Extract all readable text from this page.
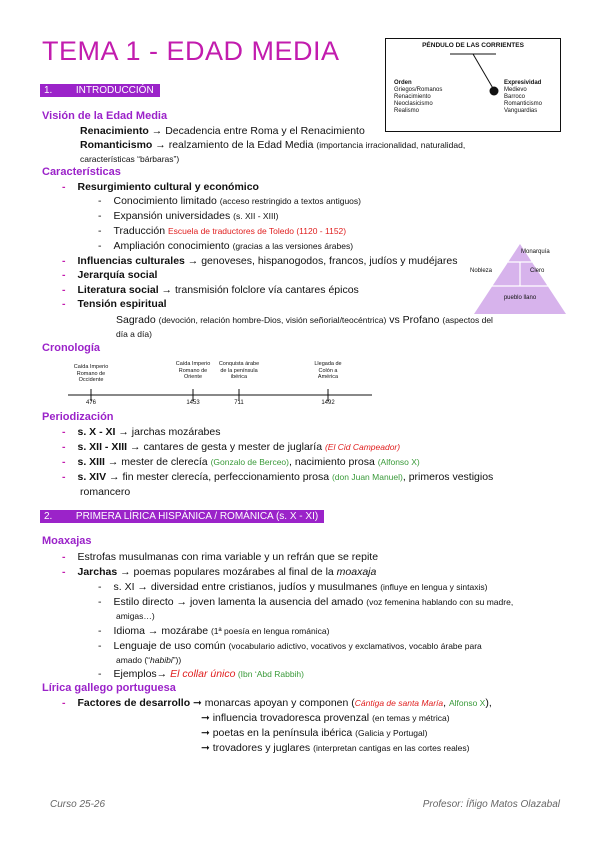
TEMA 1 - EDAD MEDIA	PÉNDULO DE LAS CORRIENTES
Orden
Griegos/Romanos
Renacimiento
Neoclasicismo
Realismo
Expresividad
Medievo
Barroco
Romanticismo
Vanguardias
1. INTRODUCCIÓN
Visión de la Edad Media
Renacimiento → Decadencia entre Roma y el Renacimiento
Romanticismo → realzamiento de la Edad Media (importancia irracionalidad, naturalidad,
características “bárbaras”)
Características
- Resurgimiento cultural y económico
- Conocimiento limitado (acceso restringido a textos antiguos)
- Expansión universidades (s. XII - XIII)
- Traducción Escuela de traductores de Toledo (1120 - 1152)
- Ampliación conocimiento (gracias a las versiones árabes)
- Influencias culturales → genoveses, hispanogodos, francos, judíos y mudéjares
- Jerarquía social
- Literatura social → transmisión folclore vía cantares épicos
- Tensión espiritual
Sagrado (devoción, relación hombre-Dios, visión señorial/teocéntrica) vs Profano (aspectos del
día a día)
Monarquía
Nobleza	Clero
pueblo llano
Cronología
Caída Imperio
Romano de
Occidente
Caída Imperio
Romano de
Oriente
Conquista árabe
de la península
ibérica
Llegada de
Colón a
América
476	1453	711	1492
Periodización
- s. X - XI → jarchas mozárabes
- s. XII - XIII → cantares de gesta y mester de juglaría (El Cid Campeador)
- s. XIII → mester de clerecía (Gonzalo de Berceo), nacimiento prosa (Alfonso X)
- s. XIV → fin mester clerecía, perfeccionamiento prosa (don Juan Manuel), primeros vestigios
romancero
2. PRIMERA LÍRICA HISPÁNICA / ROMÁNICA (s. X - XI)
Moaxajas
- Estrofas musulmanas con rima variable y un refrán que se repite
- Jarchas → poemas populares mozárabes al final de la moaxaja
- s. XI → diversidad entre cristianos, judíos y musulmanes (influye en lengua y sintaxis)
- Estilo directo → joven lamenta la ausencia del amado (voz femenina hablando con su madre,
amigas…)
- Idioma → mozárabe (1ª poesía en lengua románica)
- Lenguaje de uso común (vocabulario adictivo, vocativos y exclamativos, vocablo árabe para
amado (“habibi”))
- Ejemplos→ El collar único (Ibn ʻAbd Rabbih)
Lírica gallego portuguesa
- Factores de desarrollo ➞ monarcas apoyan y componen (Cántiga de santa María, Alfonso X),
➞ influencia trovadoresca provenzal (en temas y métrica)
➞ poetas en la península ibérica (Galicia y Portugal)
➞ trovadores y juglares (interpretan cantigas en las cortes reales)
Curso 25-26	Profesor: Íñigo Matos Olazabal
